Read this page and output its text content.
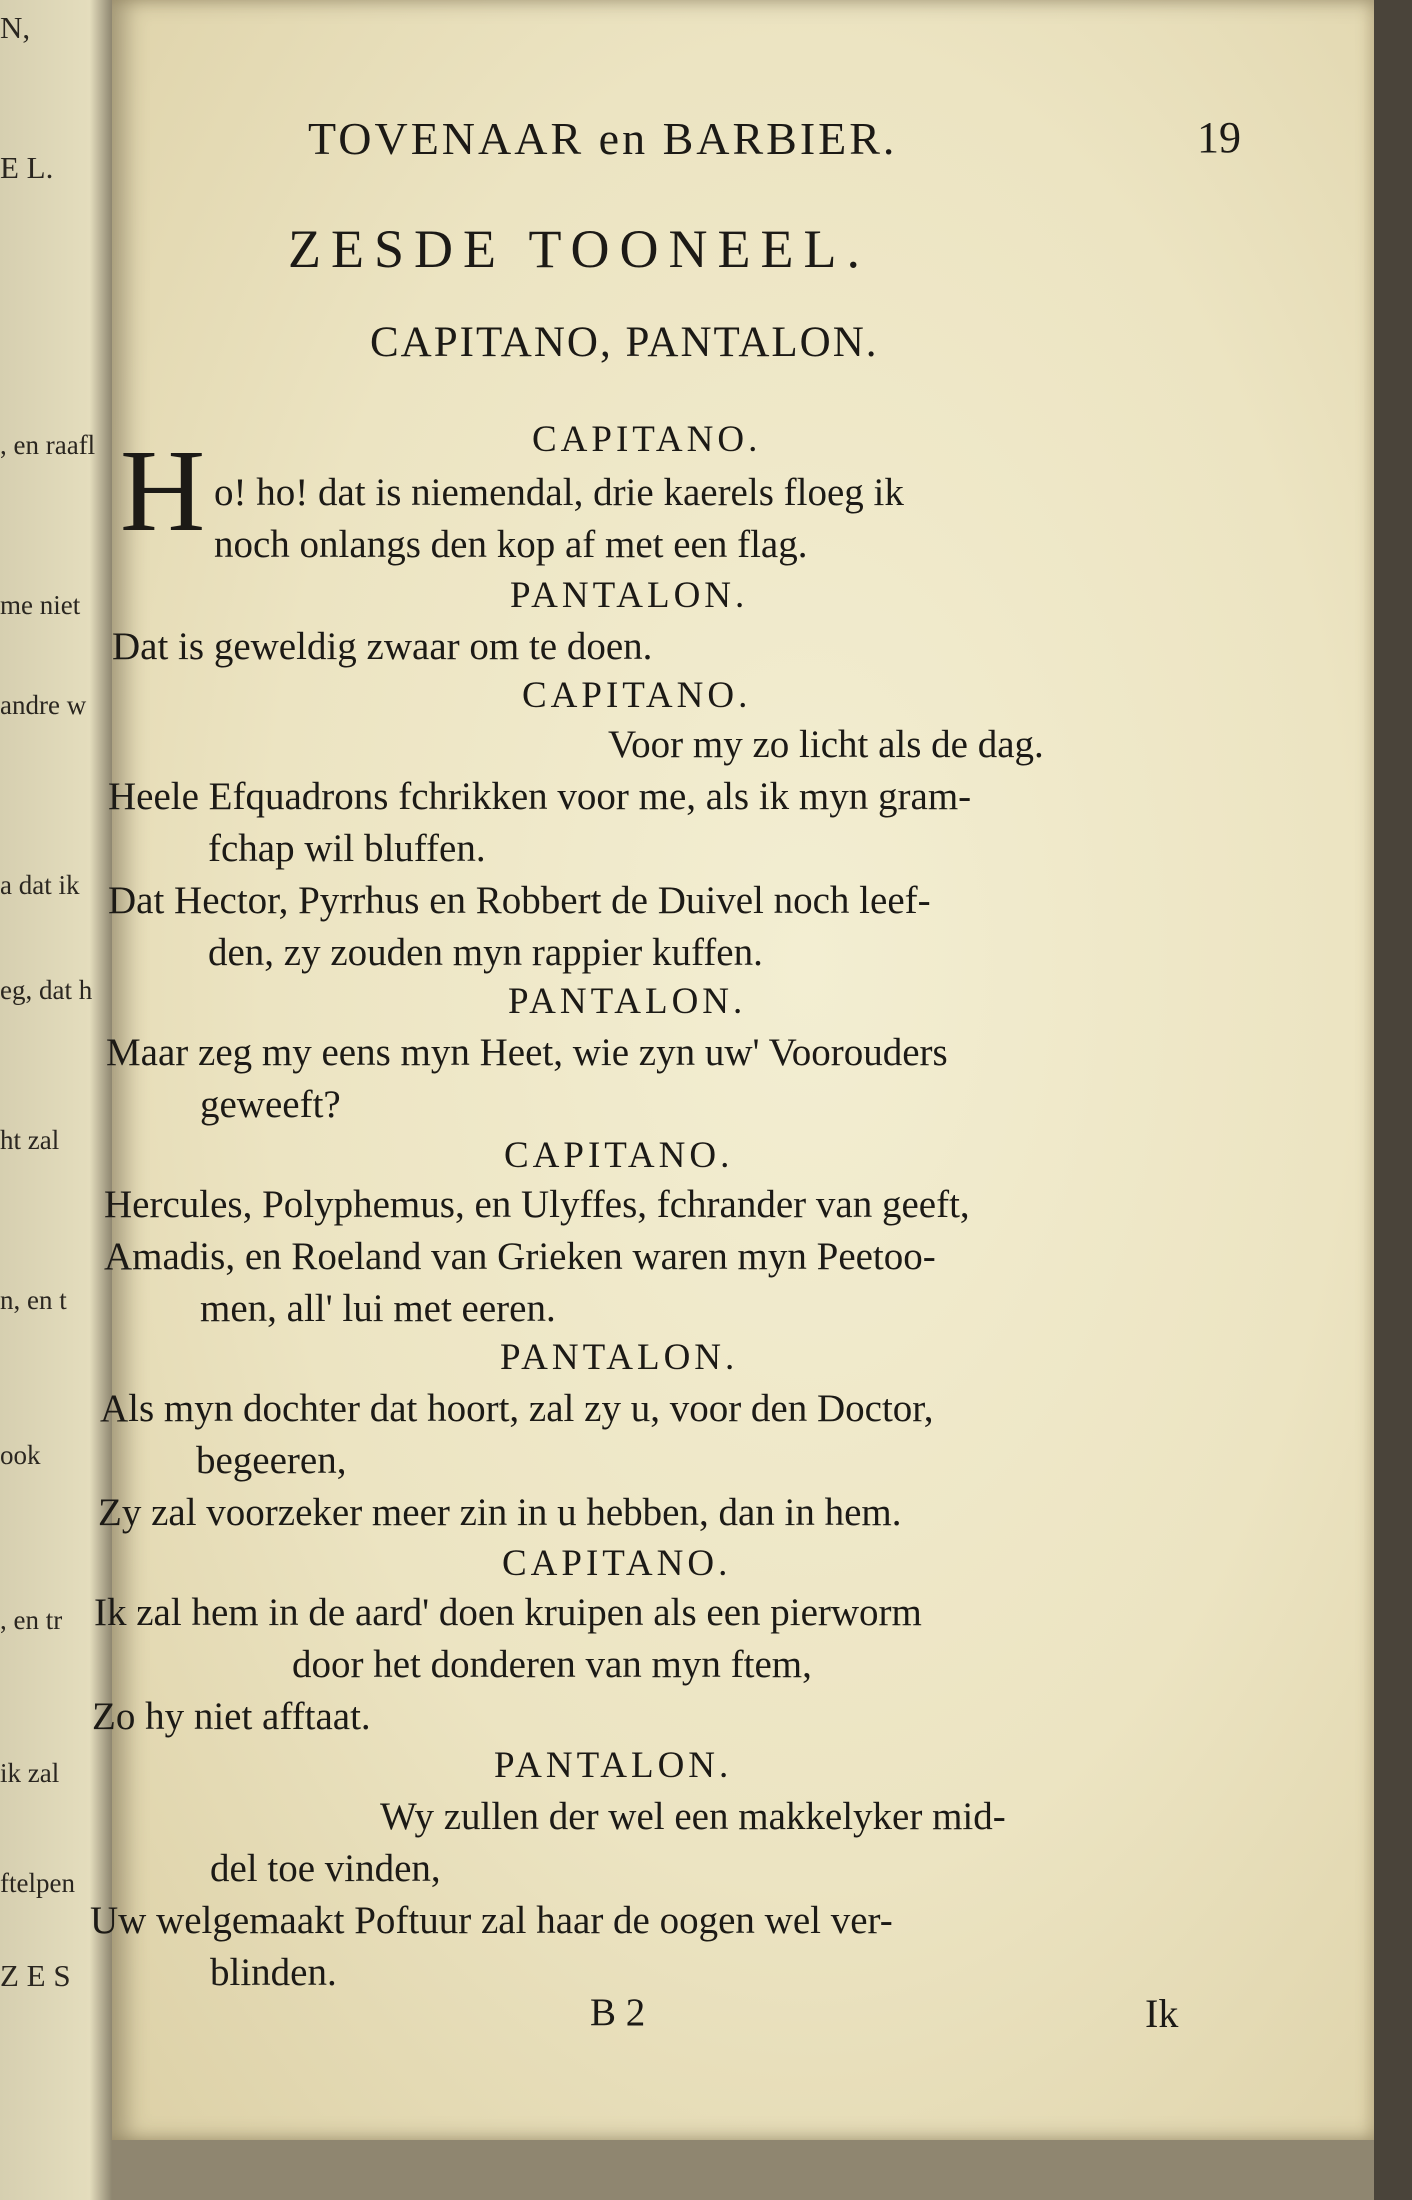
N,
E L.
, en raafl
me niet
andre w
a dat ik
eg, dat h
ht zal
n, en t
ook
, en tr
ik zal
ftelpen
Z E S
TOVENAAR en BARBIER.	19
ZESDE TOONEEL.
CAPITANO, PANTALON.
CAPITANO.
H o! ho! dat is niemendal, drie kaerels floeg ik
noch onlangs den kop af met een flag.
PANTALON.
Dat is geweldig zwaar om te doen.
CAPITANO.
Voor my zo licht als de dag.
Heele Efquadrons fchrikken voor me, als ik myn gram-
fchap wil bluffen.
Dat Hector, Pyrrhus en Robbert de Duivel noch leef-
den, zy zouden myn rappier kuffen.
PANTALON.
Maar zeg my eens myn Heet, wie zyn uw' Voorouders
geweeft?
CAPITANO.
Hercules, Polyphemus, en Ulyffes, fchrander van geeft,
Amadis, en Roeland van Grieken waren myn Peetoo-
men, all' lui met eeren.
PANTALON.
Als myn dochter dat hoort, zal zy u, voor den Doctor,
begeeren,
Zy zal voorzeker meer zin in u hebben, dan in hem.
CAPITANO.
Ik zal hem in de aard' doen kruipen als een pierworm
door het donderen van myn ftem,
Zo hy niet afftaat.
PANTALON.
Wy zullen der wel een makkelyker mid-
del toe vinden,
Uw welgemaakt Poftuur zal haar de oogen wel ver-
blinden.
B 2	Ik
